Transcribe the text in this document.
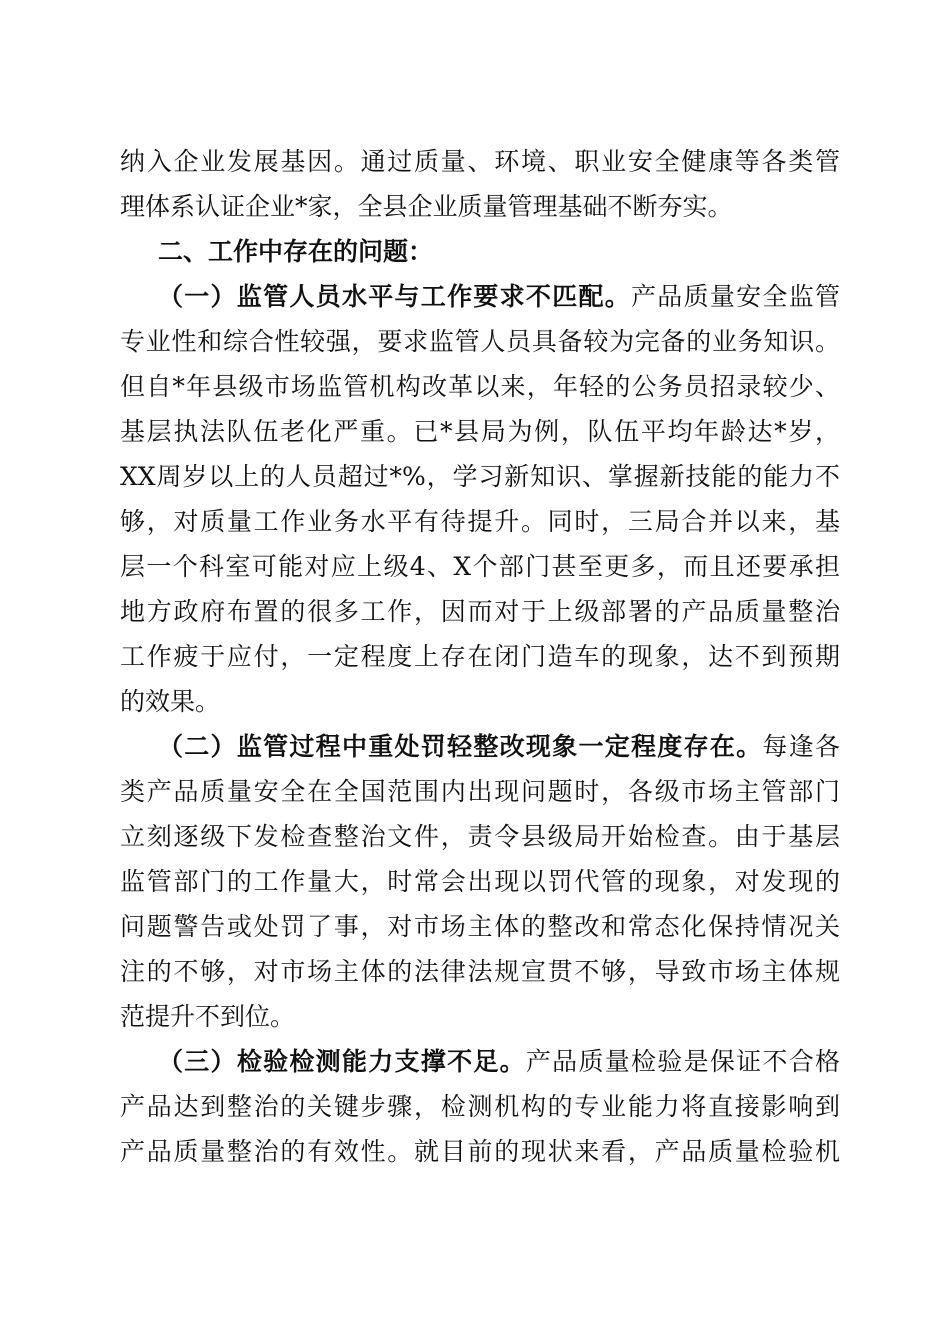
纳入企业发展基因。通过质量、环境、职业安全健康等各类管
理体系认证企业*家，全县企业质量管理基础不断夯实。
二、工作中存在的问题：
（一）监管人员水平与工作要求不匹配。产品质量安全监管
专业性和综合性较强，要求监管人员具备较为完备的业务知识。
但自*年县级市场监管机构改革以来，年轻的公务员招录较少、
基层执法队伍老化严重。已*县局为例，队伍平均年龄达*岁，
XX周岁以上的人员超过*%，学习新知识、掌握新技能的能力不
够，对质量工作业务水平有待提升。同时，三局合并以来，基
层一个科室可能对应上级4、X个部门甚至更多，而且还要承担
地方政府布置的很多工作，因而对于上级部署的产品质量整治
工作疲于应付，一定程度上存在闭门造车的现象，达不到预期
的效果。
（二）监管过程中重处罚轻整改现象一定程度存在。每逢各
类产品质量安全在全国范围内出现问题时，各级市场主管部门
立刻逐级下发检查整治文件，责令县级局开始检查。由于基层
监管部门的工作量大，时常会出现以罚代管的现象，对发现的
问题警告或处罚了事，对市场主体的整改和常态化保持情况关
注的不够，对市场主体的法律法规宣贯不够，导致市场主体规
范提升不到位。
（三）检验检测能力支撑不足。产品质量检验是保证不合格
产品达到整治的关键步骤，检测机构的专业能力将直接影响到
产品质量整治的有效性。就目前的现状来看，产品质量检验机
